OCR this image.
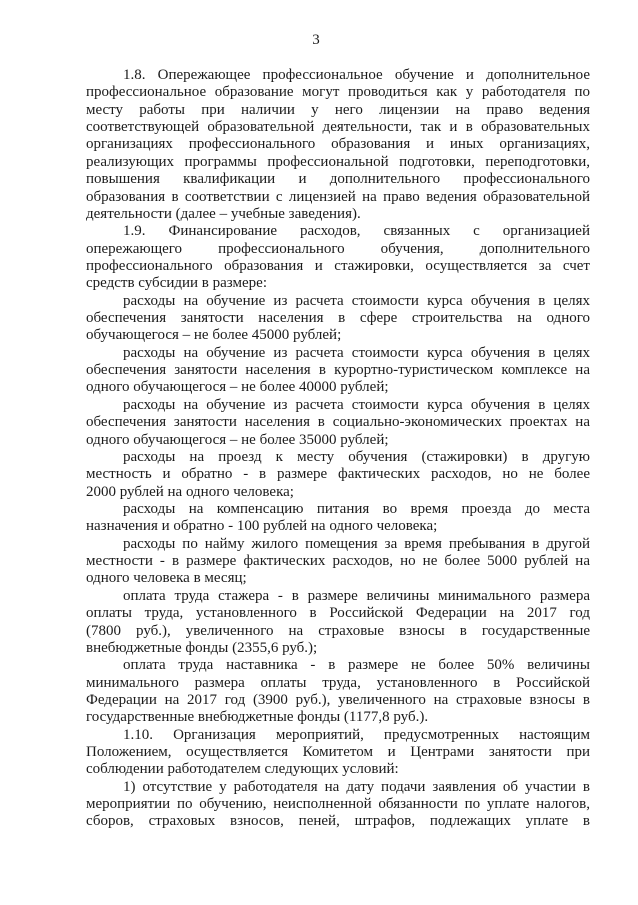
3
1.8. Опережающее профессиональное обучение и дополнительное
профессиональное образование могут проводиться как у работодателя по
месту работы при наличии у него лицензии на право ведения
соответствующей образовательной деятельности, так и в образовательных
организациях профессионального образования и иных организациях,
реализующих программы профессиональной подготовки, переподготовки,
повышения квалификации и дополнительного профессионального
образования в соответствии с лицензией на право ведения образовательной
деятельности (далее – учебные заведения).
1.9. Финансирование расходов, связанных с организацией
опережающего профессионального обучения, дополнительного
профессионального образования и стажировки, осуществляется за счет
средств субсидии в размере:
расходы на обучение из расчета стоимости курса обучения в целях
обеспечения занятости населения в сфере строительства на одного
обучающегося – не более 45000 рублей;
расходы на обучение из расчета стоимости курса обучения в целях
обеспечения занятости населения в курортно-туристическом комплексе на
одного обучающегося – не более 40000 рублей;
расходы на обучение из расчета стоимости курса обучения в целях
обеспечения занятости населения в социально-экономических проектах на
одного обучающегося – не более 35000 рублей;
расходы на проезд к месту обучения (стажировки) в другую
местность и обратно - в размере фактических расходов, но не более
2000 рублей на одного человека;
расходы на компенсацию питания во время проезда до места
назначения и обратно - 100 рублей на одного человека;
расходы по найму жилого помещения за время пребывания в другой
местности - в размере фактических расходов, но не более 5000 рублей на
одного человека в месяц;
оплата труда стажера - в размере величины минимального размера
оплаты труда, установленного в Российской Федерации на 2017 год
(7800 руб.), увеличенного на страховые взносы в государственные
внебюджетные фонды (2355,6 руб.);
оплата труда наставника - в размере не более 50% величины
минимального размера оплаты труда, установленного в Российской
Федерации на 2017 год (3900 руб.), увеличенного на страховые взносы в
государственные внебюджетные фонды (1177,8 руб.).
1.10. Организация мероприятий, предусмотренных настоящим
Положением, осуществляется Комитетом и Центрами занятости при
соблюдении работодателем следующих условий:
1) отсутствие у работодателя на дату подачи заявления об участии в
мероприятии по обучению, неисполненной обязанности по уплате налогов,
сборов, страховых взносов, пеней, штрафов, подлежащих уплате в
